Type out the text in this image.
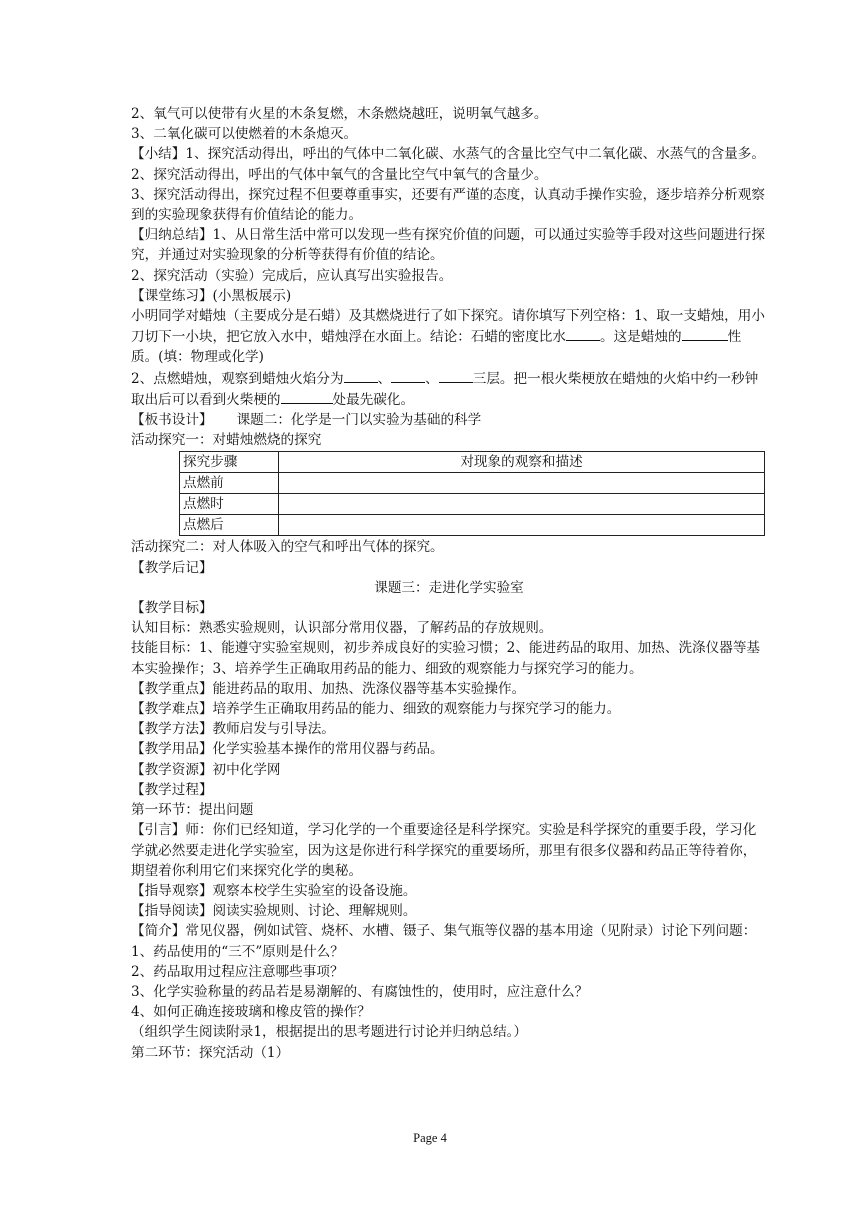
2、氧气可以使带有火星的木条复燃，木条燃烧越旺，说明氧气越多。

3、二氧化碳可以使燃着的木条熄灭。

【小结】1、探究活动得出，呼出的气体中二氧化碳、水蒸气的含量比空气中二氧化碳、水蒸气的含量多。

2、探究活动得出，呼出的气体中氧气的含量比空气中氧气的含量少。

3、探究活动得出，探究过程不但要尊重事实，还要有严谨的态度，认真动手操作实验，逐步培养分析观察到的实验现象获得有价值结论的能力。

【归纳总结】1、从日常生活中常可以发现一些有探究价值的问题，可以通过实验等手段对这些问题进行探究，并通过对实验现象的分析等获得有价值的结论。

2、探究活动（实验）完成后，应认真写出实验报告。

【课堂练习】(小黑板展示)

小明同学对蜡烛（主要成分是石蜡）及其燃烧进行了如下探究。请你填写下列空格：1、取一支蜡烛，用小刀切下一小块，把它放入水中，蜡烛浮在水面上。结论：石蜡的密度比水	。这是蜡烛的	性质。(填：物理或化学)

2、点燃蜡烛，观察到蜡烛火焰分为	、	、	三层。把一根火柴梗放在蜡烛的火焰中约一秒钟取出后可以看到火柴梗的	处最先碳化。

【板书设计】 课题二：化学是一门以实验为基础的科学

活动探究一：对蜡烛燃烧的探究

探究步骤	对现象的观察和描述
点燃前	
点燃时	
点燃后	

活动探究二：对人体吸入的空气和呼出气体的探究。

【教学后记】

课题三：走进化学实验室

【教学目标】

认知目标：熟悉实验规则，认识部分常用仪器，了解药品的存放规则。

技能目标：1、能遵守实验室规则，初步养成良好的实验习惯；2、能进药品的取用、加热、洗涤仪器等基本实验操作；3、培养学生正确取用药品的能力、细致的观察能力与探究学习的能力。

【教学重点】能进药品的取用、加热、洗涤仪器等基本实验操作。

【教学难点】培养学生正确取用药品的能力、细致的观察能力与探究学习的能力。

【教学方法】教师启发与引导法。

【教学用品】化学实验基本操作的常用仪器与药品。

【教学资源】初中化学网

【教学过程】

第一环节：提出问题

【引言】师：你们已经知道，学习化学的一个重要途径是科学探究。实验是科学探究的重要手段，学习化学就必然要走进化学实验室，因为这是你进行科学探究的重要场所，那里有很多仪器和药品正等待着你，期望着你利用它们来探究化学的奥秘。

【指导观察】观察本校学生实验室的设备设施。

【指导阅读】阅读实验规则、讨论、理解规则。

【简介】常见仪器，例如试管、烧杯、水槽、镊子、集气瓶等仪器的基本用途（见附录）讨论下列问题：

1、药品使用的“三不”原则是什么？

2、药品取用过程应注意哪些事项？

3、化学实验称量的药品若是易潮解的、有腐蚀性的，使用时，应注意什么？

4、如何正确连接玻璃和橡皮管的操作？

（组织学生阅读附录1，根据提出的思考题进行讨论并归纳总结。）

第二环节：探究活动（1）

Page 4
